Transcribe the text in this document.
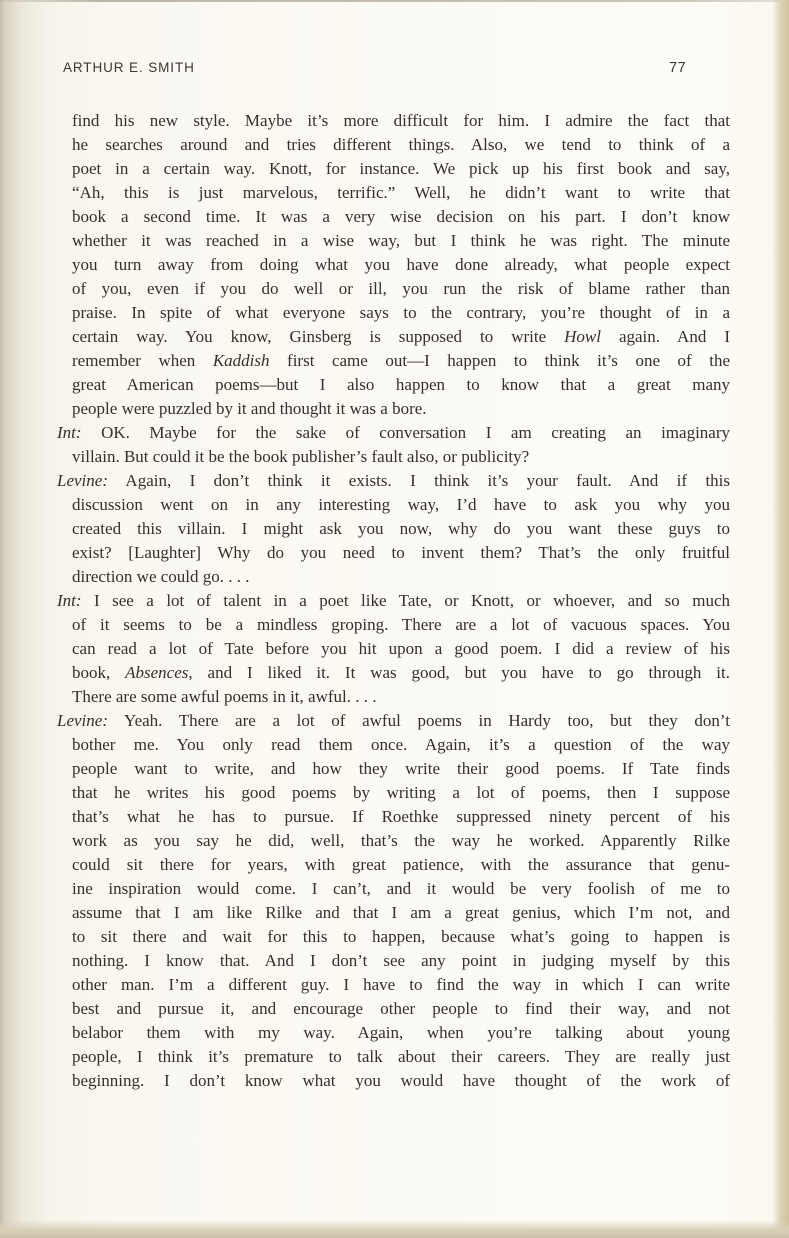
ARTHUR E. SMITH	77
find his new style. Maybe it’s more difficult for him. I admire the fact that
he searches around and tries different things. Also, we tend to think of a
poet in a certain way. Knott, for instance. We pick up his first book and say,
“Ah, this is just marvelous, terrific.” Well, he didn’t want to write that
book a second time. It was a very wise decision on his part. I don’t know
whether it was reached in a wise way, but I think he was right. The minute
you turn away from doing what you have done already, what people expect
of you, even if you do well or ill, you run the risk of blame rather than
praise. In spite of what everyone says to the contrary, you’re thought of in a
certain way. You know, Ginsberg is supposed to write Howl again. And I
remember when Kaddish first came out—I happen to think it’s one of the
great American poems—but I also happen to know that a great many
people were puzzled by it and thought it was a bore.
Int: OK. Maybe for the sake of conversation I am creating an imaginary
villain. But could it be the book publisher’s fault also, or publicity?
Levine: Again, I don’t think it exists. I think it’s your fault. And if this
discussion went on in any interesting way, I’d have to ask you why you
created this villain. I might ask you now, why do you want these guys to
exist? [Laughter] Why do you need to invent them? That’s the only fruitful
direction we could go. . . .
Int: I see a lot of talent in a poet like Tate, or Knott, or whoever, and so much
of it seems to be a mindless groping. There are a lot of vacuous spaces. You
can read a lot of Tate before you hit upon a good poem. I did a review of his
book, Absences, and I liked it. It was good, but you have to go through it.
There are some awful poems in it, awful. . . .
Levine: Yeah. There are a lot of awful poems in Hardy too, but they don’t
bother me. You only read them once. Again, it’s a question of the way
people want to write, and how they write their good poems. If Tate finds
that he writes his good poems by writing a lot of poems, then I suppose
that’s what he has to pursue. If Roethke suppressed ninety percent of his
work as you say he did, well, that’s the way he worked. Apparently Rilke
could sit there for years, with great patience, with the assurance that genu-
ine inspiration would come. I can’t, and it would be very foolish of me to
assume that I am like Rilke and that I am a great genius, which I’m not, and
to sit there and wait for this to happen, because what’s going to happen is
nothing. I know that. And I don’t see any point in judging myself by this
other man. I’m a different guy. I have to find the way in which I can write
best and pursue it, and encourage other people to find their way, and not
belabor them with my way. Again, when you’re talking about young
people, I think it’s premature to talk about their careers. They are really just
beginning. I don’t know what you would have thought of the work of
